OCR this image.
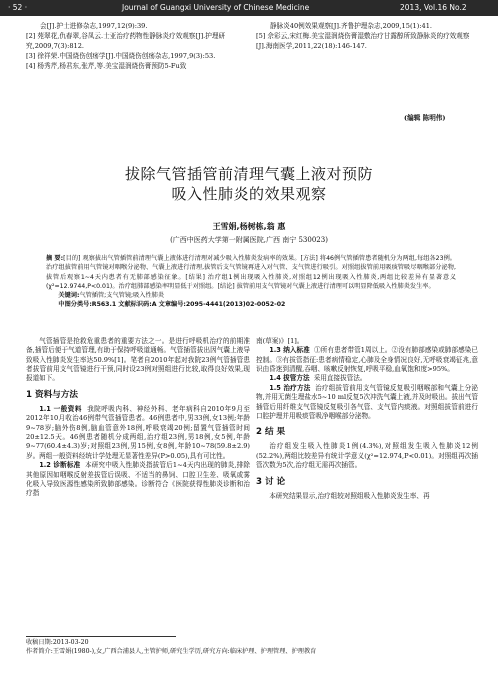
· 52 ·	Journal of Guangxi University of Chinese Medicine	2013, Vol.16 No.2

会[J].护士进修杂志,1997,12(9):39.

[2] 苑翠花,仇春翠,谷凤云.士亚治疗药物性静脉炎疗效观察[J].护理研究,2009,7(3):812.

[3] 徐祥荣.中国烧伤创疡学[J].中国烧伤创疡杂志,1997,9(3):53.

[4] 杨秀芹,杨君东,张芹,等.美宝湿润烧伤膏预防5-Fu致

静脉炎40例效果观察[J].齐鲁护理杂志,2009,15(1):41.

[5] 佘彩云,宋红梅.美宝湿润烧伤膏湿敷治疗甘露醇所致静脉炎的疗效观察[J].海南医学,2011,22(18):146-147.

(编辑 陈明伟)
拔除气管插管前清理气囊上液对预防
吸入性肺炎的效果观察
王雪娟,杨树栋,翁 惠
(广西中医药大学第一附属医院,广西 南宁 530023)

摘 要:[目的] 观察拔出气管插管前清理气囊上液体进行清理对减少吸入性肺炎发病率的效果。[方法] 将46例气管插管患者随机分为两组,每组各23例。治疗组拔管前用气管镜对咽喉分泌物、气囊上液进行清理,拔管后支气管镜再进入对气管、支气管进行吸引。对照组拔管前用吸痰管吸尽咽喉部分泌物,拔管后观察1~4天内患者有无肺部感染征象。[结果] 治疗组1例出现吸入性肺炎,对照组12例出现吸入性肺炎,两组比较差异有显著意义(χ²=12.9744,P<0.01)。治疗组肺部感染率明显低于对照组。[结论] 拔管前用支气管镜对气囊上液进行清理可以明显降低吸入性肺炎发生率。

关键词:气管插管;支气管镜;吸入性肺炎

中图分类号:R563.1 文献标识码:A 文章编号:2095-4441(2013)02-0052-02

气管插管是抢救危重患者的重要方法之一。是进行呼吸机治疗的前期准备,插管后便于气道管理,有助于保持呼吸道通畅。气管插管拔出因气囊上液导致吸入性肺炎发生率达50.9%[1]。笔者自2010年起对我院23例气管插管患者拔管前用支气管镜进行干预,同时设23例对照组进行比较,取得良好效果,现报道如下。

1 资料与方法

1.1 一般资料 我院呼吸内科、神经外科、老年病科自2010年9月至2012年10月收治46例带气管插管患者。46例患者中,男33例,女13例;年龄9~78岁;脑外伤8例,脑血管意外18例,呼吸衰竭20例;留置气管插管时间20±12.5天。46例患者随机分成两组,治疗组23例,男18例,女5例,年龄9~77(60.4±4.3)岁;对照组23例,男15例,女8例,年龄10~78(59.8±2.9)岁。两组一般资料经统计学处理无显著性差异(P>0.05),具有可比性。

1.2 诊断标准 本研究中吸入性肺炎指拔管后1~4天内出现的肺炎,排除其他原因如咽喉反射差拔管后误吸、不适当的鼻饲、口腔卫生差、吸氧或雾化吸入导致医源性感染所致肺部感染。诊断符合《医院获得性肺炎诊断和治疗指

南(草案)》[1]。

1.3 纳入标准 ①所有患者带管1周以上。②没有肺部感染或肺部感染已控制。③有拔管指征:患者病情稳定,心肺及全身情况良好,无呼吸衰竭征兆,意识由昏迷到清醒,吞咽、咳嗽反射恢复,呼吸平稳,血氧饱和度>95%。

1.4 拔管方法 采用直接拔管法。

1.5 治疗方法 治疗组拔管前用支气管镜反复吸引咽喉部和气囊上分泌物,并用无菌生理盐水5~10 ml反复5次冲洗气囊上液,并及时吸出。拔出气管插管后用纤维支气管镜反复吸引各气管、支气管内痰液。对照组拔管前进行口腔护理并用吸痰管吸净咽喉部分泌物。

2 结 果

治疗组发生吸入性肺炎1例(4.3%),对照组发生吸入性肺炎12例(52.2%),两组比较差异有统计学意义(χ²=12.974,P<0.01)。对照组再次插管次数为5次,治疗组无需再次插管。

3 讨 论

本研究结果显示,治疗组较对照组吸入性肺炎发生率、再

收稿日期:2013-03-20
作者简介:王雪娟(1980-),女,广西合浦县人,主管护师,研究生学历,研究方向:临床护理、护理管理、护理教育
